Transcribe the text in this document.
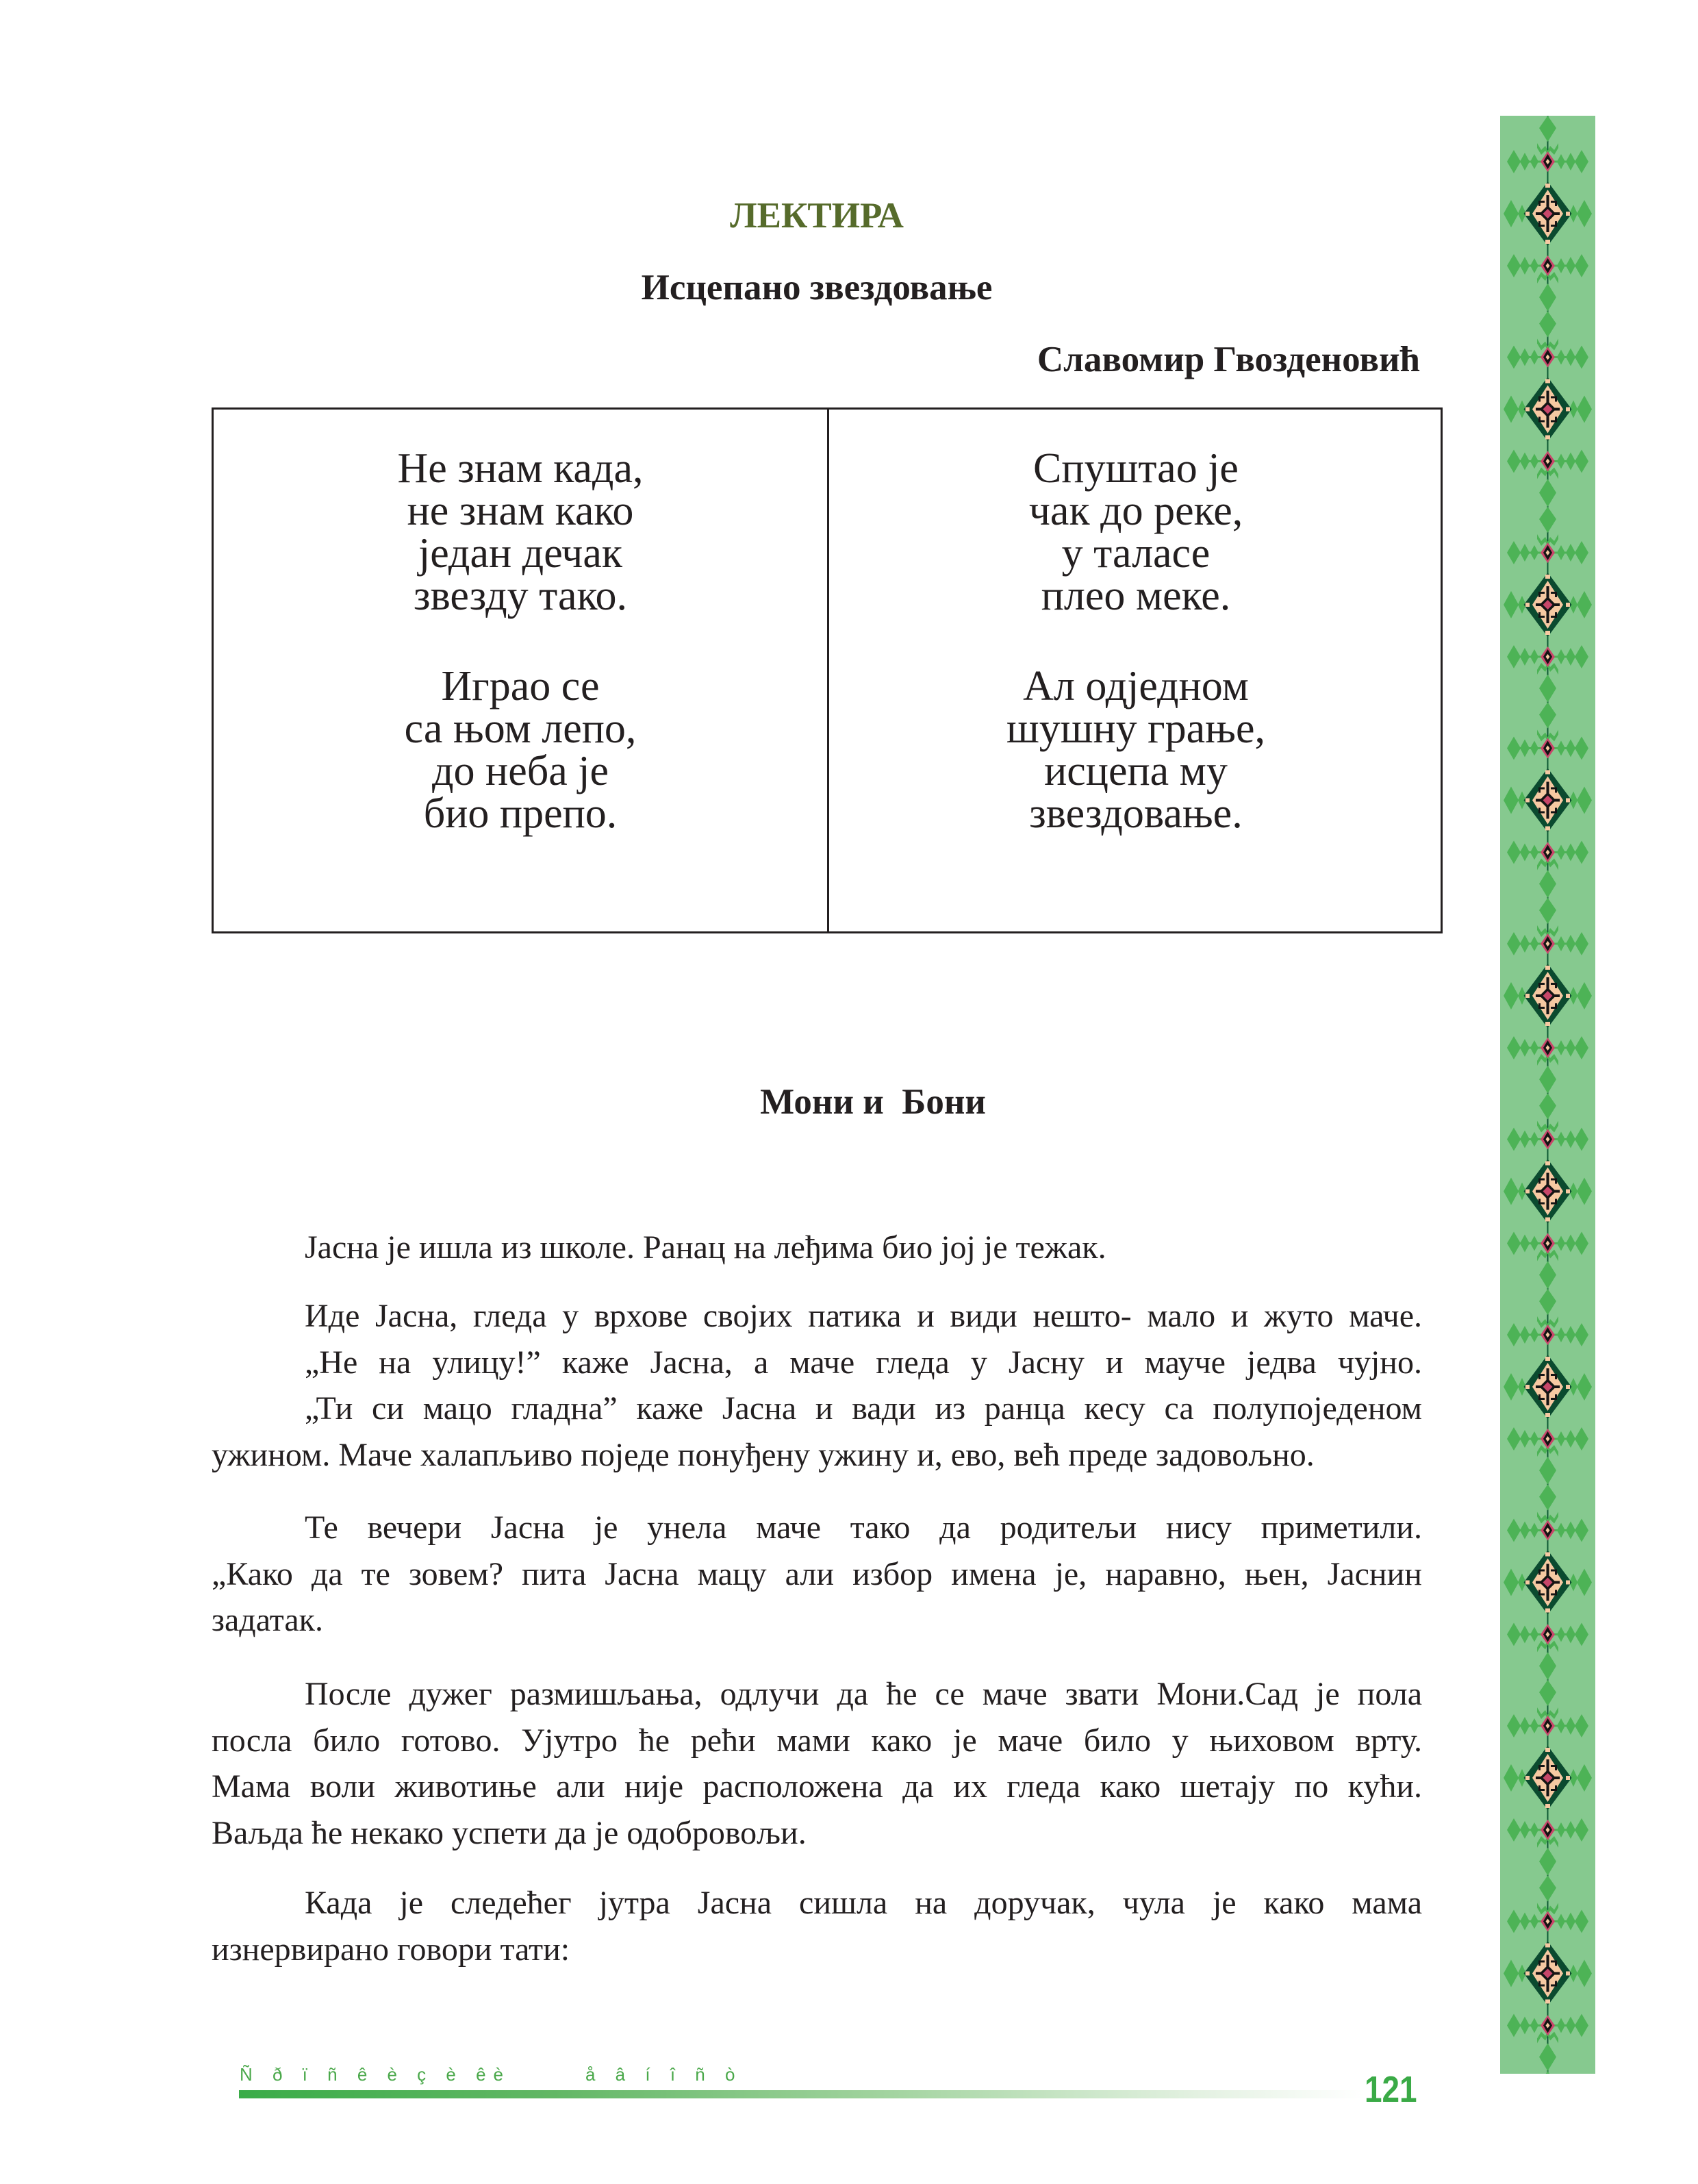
ЛЕКТИРА
Исцепано звездовање
Славомир Гвозденовић
Не знам када,
не знам како
један дечак
звезду тако.
Играо се
са њом лепо,
до неба је
био препо.
Спуштао је
чак до реке,
у таласе
плео меке.
Ал одједном
шушну грање,
исцепа му
звездовање.
Мони и  Бони
Јасна је ишла из школе. Ранац на леђима био јој је тежак.
Иде Јасна, гледа у врхове својих патика и види нешто- мало и жуто маче.
„Не на улицу!” каже Јасна, а маче гледа у Јасну и мауче једва чујно.
„Ти си мацо гладна” каже Јасна и вади из ранца кесу са полупоједеном
ужином. Маче халапљиво поједе понуђену ужину и, ево, већ преде задовољно.
Те вечери Јасна је унела маче тако да родитељи нису приметили.
„Како да те зовем? пита Јасна мацу али избор имена је, наравно, њен, Јаснин
задатак.
После дужег размишљања, одлучи да ће се маче звати Мони.Сад је пола
посла било готово. Ујутро ће рећи мами како је маче било у њиховом врту.
Мама воли животиње али није расположена да их гледа како шетају по кући.
Ваљда ће некако успети да је одобровољи.
Када је следећег јутра Јасна сишла на доручак, чула је како мама
изнервирано говори тати:
Ñ ð ï ñ ê è ç è êè	å â í î ñ ò	121
